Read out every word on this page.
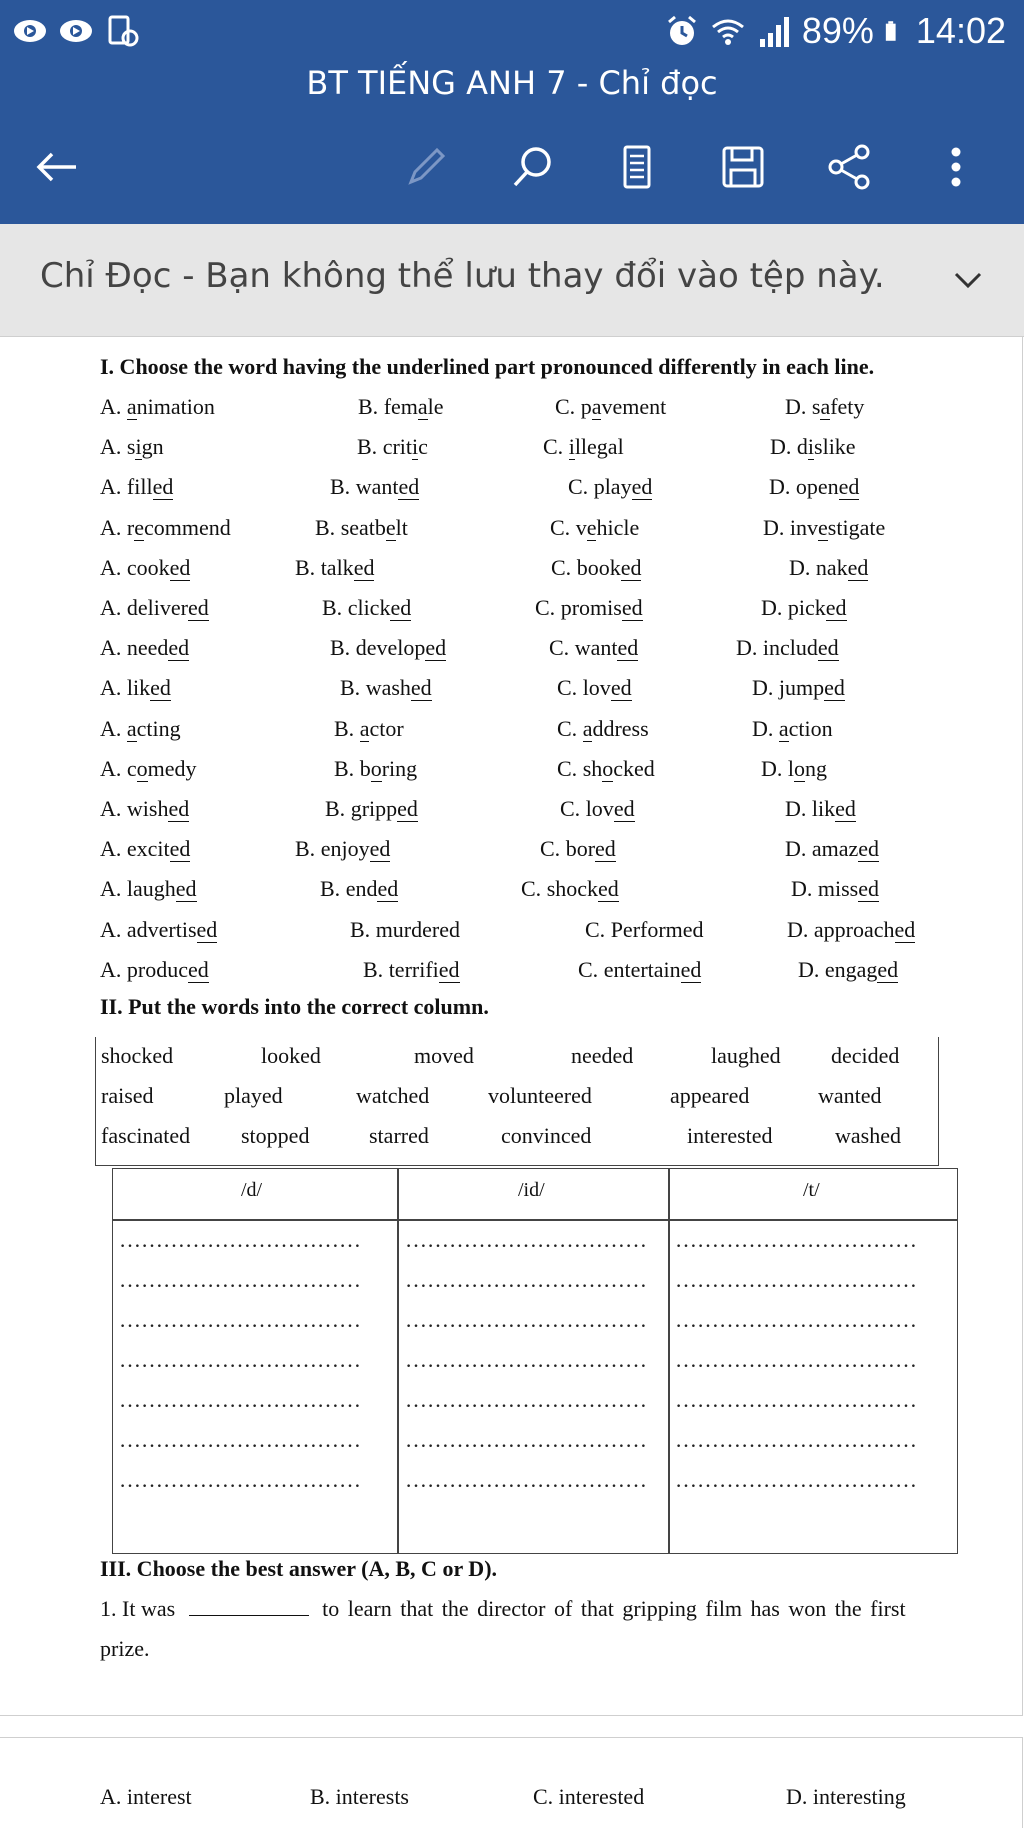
89% 14:02
BT TIẾNG ANH 7 - Chỉ đọc
Chỉ Đọc - Bạn không thể lưu thay đổi vào tệp này.
I. Choose the word having the underlined part pronounced differently in each line.
A. animation	B. female	C. pavement	D. safety
A. sign	B. critic	C. illegal	D. dislike
A. filled	B. wanted	C. played	D. opened
A. recommend	B. seatbelt	C. vehicle	D. investigate
A. cooked	B. talked	C. booked	D. naked
A. delivered	B. clicked	C. promised	D. picked
A. needed	B. developed	C. wanted	D. included
A. liked	B. washed	C. loved	D. jumped
A. acting	B. actor	C. address	D. action
A. comedy	B. boring	C. shocked	D. long
A. wished	B. gripped	C. loved	D. liked
A. excited	B. enjoyed	C. bored	D. amazed
A. laughed	B. ended	C. shocked	D. missed
A. advertised	B. murdered	C. Performed	D. approached
A. produced	B. terrified	C. entertained	D. engaged
II. Put the words into the correct column.
shocked	looked	moved	needed	laughed decided
raised	played	watched	volunteered	appeared	wanted
fascinated stopped	starred	convinced	interested	washed
/d/	/id/	/t/
…………………………… …………………………… ……………………………
…………………………… …………………………… ……………………………
…………………………… …………………………… ……………………………
…………………………… …………………………… ……………………………
…………………………… …………………………… ……………………………
…………………………… …………………………… ……………………………
…………………………… …………………………… ……………………………
III. Choose the best answer (A, B, C or D).
1. It was	to learn that the director of that gripping film has won the first
prize.
A. interest	B. interests	C. interested	D. interesting
